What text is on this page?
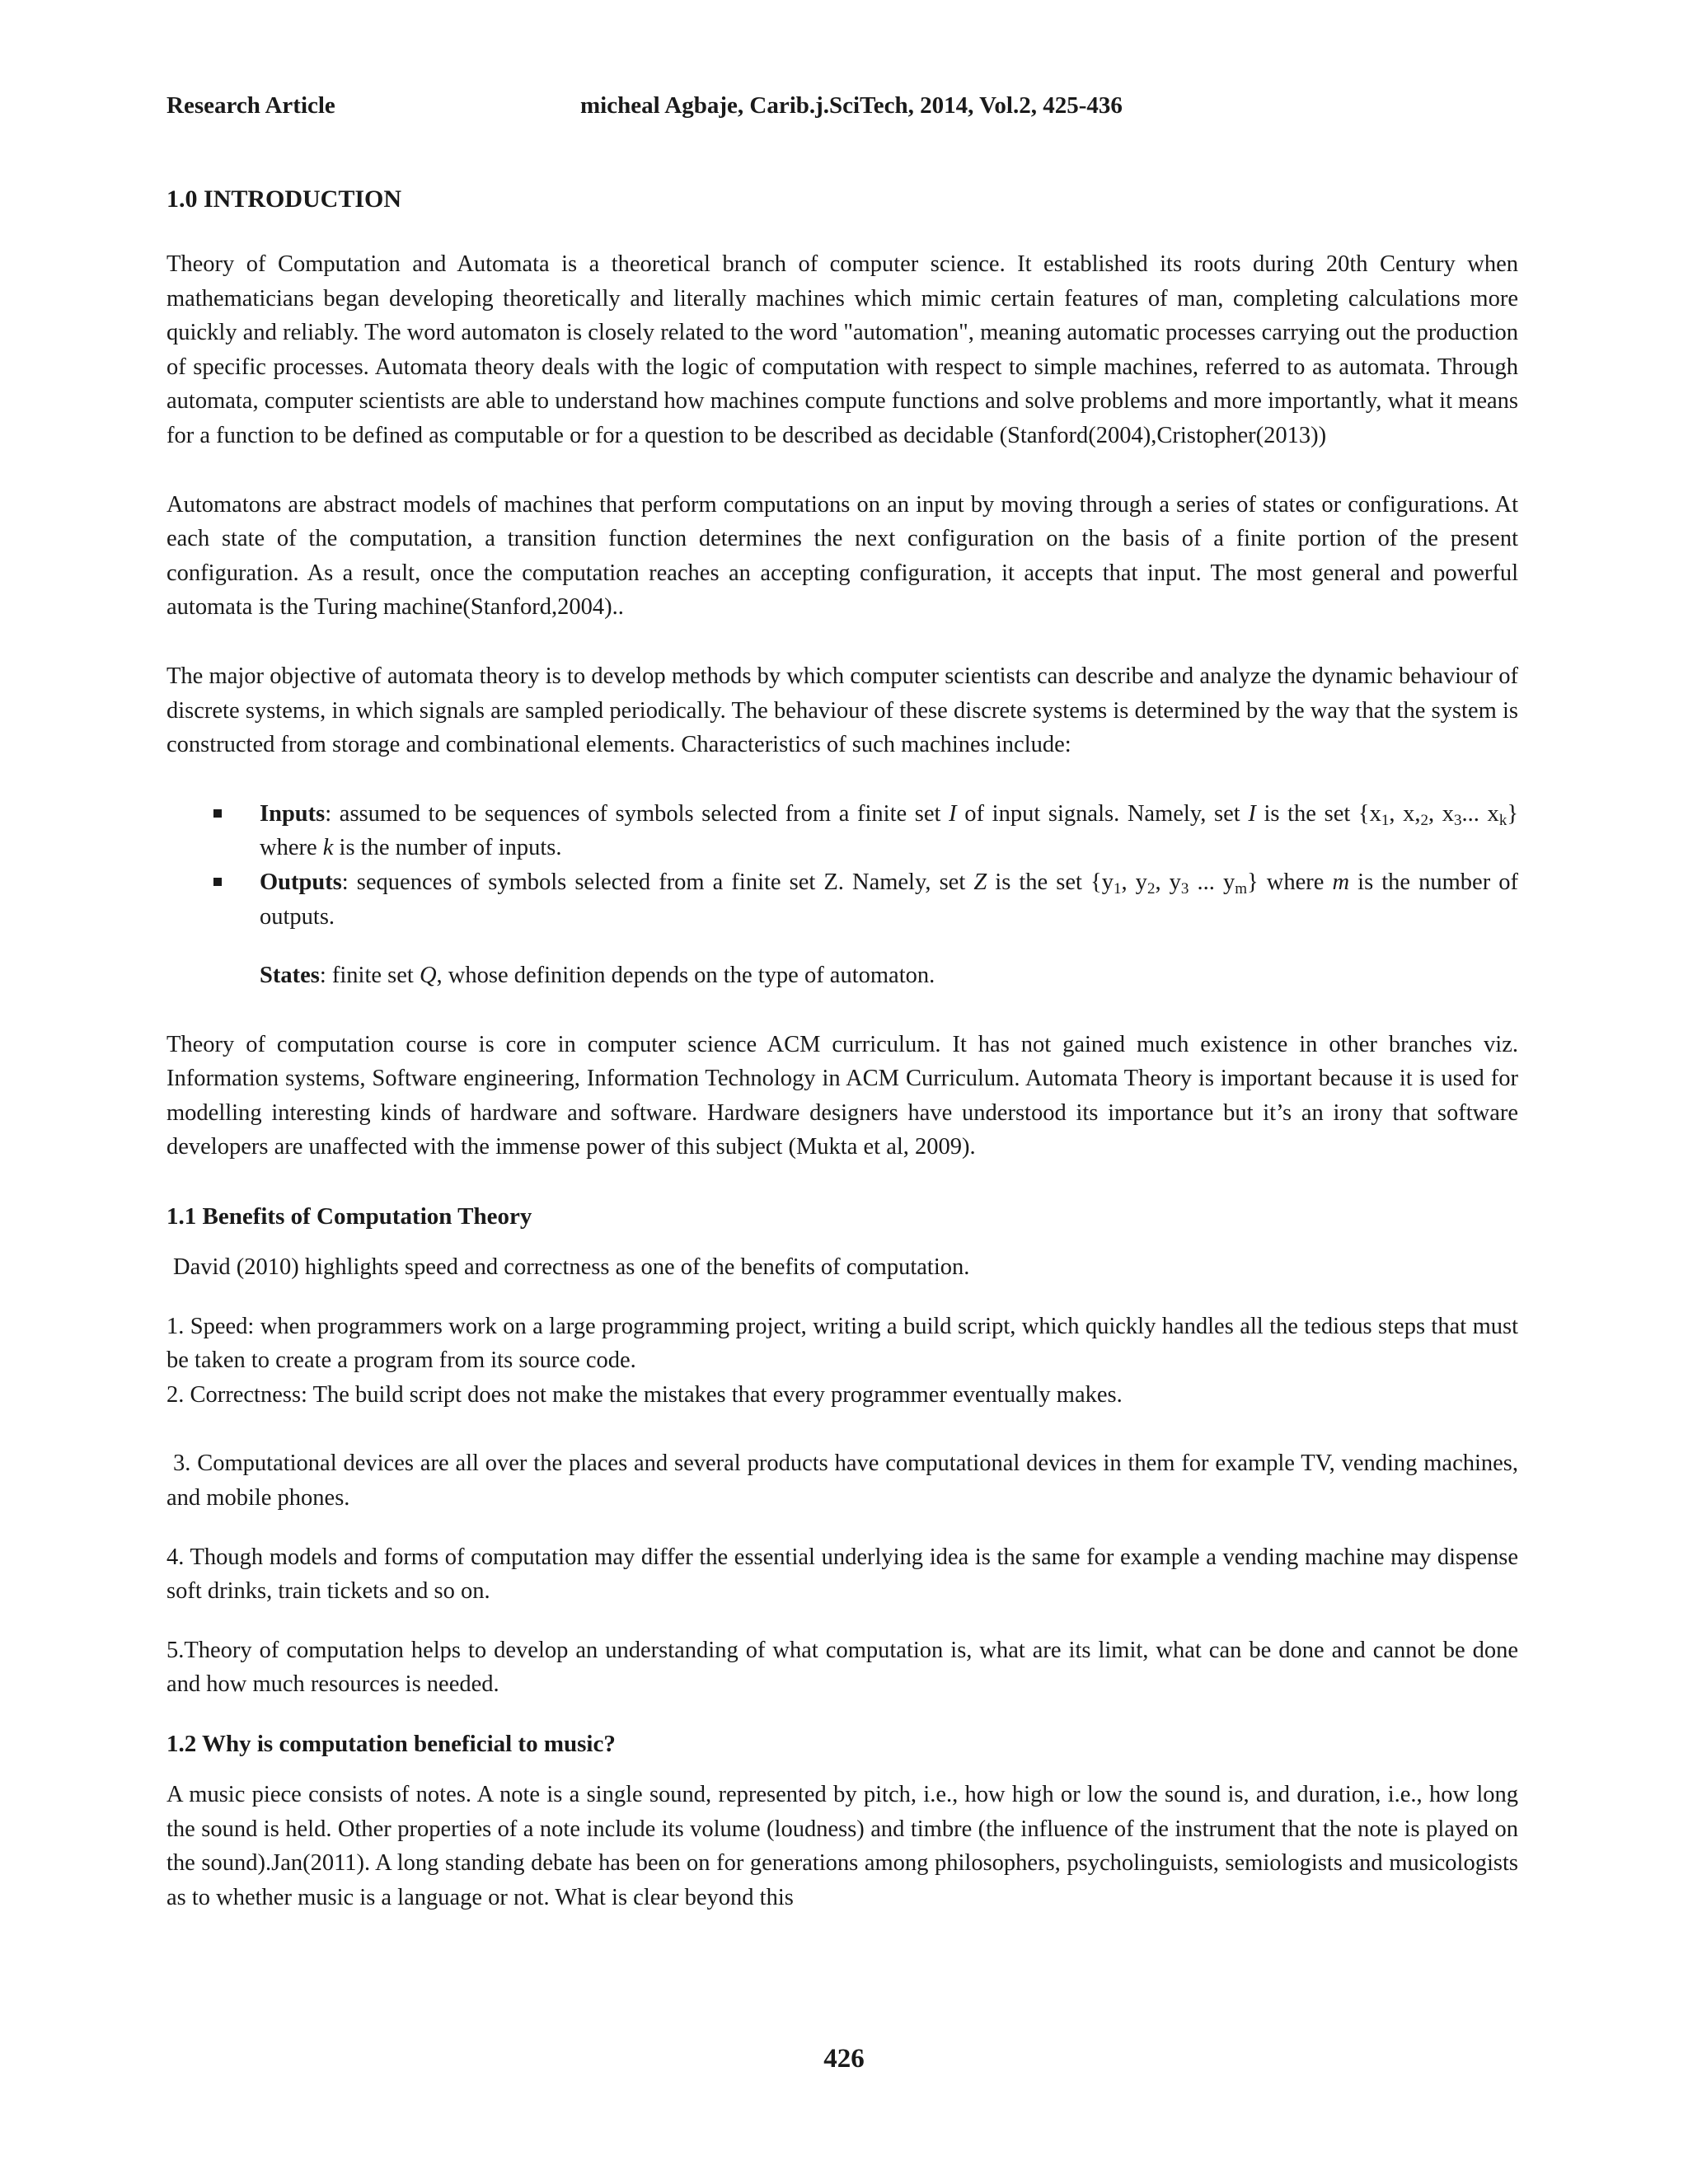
Research Article	micheal Agbaje, Carib.j.SciTech, 2014, Vol.2, 425-436
1.0 INTRODUCTION

Theory of Computation and Automata is a theoretical branch of computer science. It established its roots during 20th Century when mathematicians began developing theoretically and literally machines which mimic certain features of man, completing calculations more quickly and reliably. The word automaton is closely related to the word "automation", meaning automatic processes carrying out the production of specific processes. Automata theory deals with the logic of computation with respect to simple machines, referred to as automata. Through automata, computer scientists are able to understand how machines compute functions and solve problems and more importantly, what it means for a function to be defined as computable or for a question to be described as decidable (Stanford(2004),Cristopher(2013))

Automatons are abstract models of machines that perform computations on an input by moving through a series of states or configurations. At each state of the computation, a transition function determines the next configuration on the basis of a finite portion of the present configuration. As a result, once the computation reaches an accepting configuration, it accepts that input. The most general and powerful automata is the Turing machine(Stanford,2004)..

The major objective of automata theory is to develop methods by which computer scientists can describe and analyze the dynamic behaviour of discrete systems, in which signals are sampled periodically. The behaviour of these discrete systems is determined by the way that the system is constructed from storage and combinational elements. Characteristics of such machines include:

Inputs: assumed to be sequences of symbols selected from a finite set I of input signals. Namely, set I is the set {$x_1$, $x,_2$, $x_3$... $x_k$} where k is the number of inputs.
Outputs: sequences of symbols selected from a finite set Z. Namely, set Z is the set {$y_1$, $y_2$, $y_3$ ... $y_m$} where m is the number of outputs.

States: finite set Q, whose definition depends on the type of automaton.

Theory of computation course is core in computer science ACM curriculum. It has not gained much existence in other branches viz. Information systems, Software engineering, Information Technology in ACM Curriculum. Automata Theory is important because it is used for modelling interesting kinds of hardware and software. Hardware designers have understood its importance but it’s an irony that software developers are unaffected with the immense power of this subject (Mukta et al, 2009).

1.1 Benefits of Computation Theory

David (2010) highlights speed and correctness as one of the benefits of computation.

1. Speed: when programmers work on a large programming project, writing a build script, which quickly handles all the tedious steps that must be taken to create a program from its source code.

2. Correctness: The build script does not make the mistakes that every programmer eventually makes.

3. Computational devices are all over the places and several products have computational devices in them for example TV, vending machines, and mobile phones.

4. Though models and forms of computation may differ the essential underlying idea is the same for example a vending machine may dispense soft drinks, train tickets and so on.

5.Theory of computation helps to develop an understanding of what computation is, what are its limit, what can be done and cannot be done and how much resources is needed.

1.2 Why is computation beneficial to music?

A music piece consists of notes. A note is a single sound, represented by pitch, i.e., how high or low the sound is, and duration, i.e., how long the sound is held. Other properties of a note include its volume (loudness) and timbre (the influence of the instrument that the note is played on the sound).Jan(2011). A long standing debate has been on for generations among philosophers, psycholinguists, semiologists and musicologists as to whether music is a language or not. What is clear beyond this

426
